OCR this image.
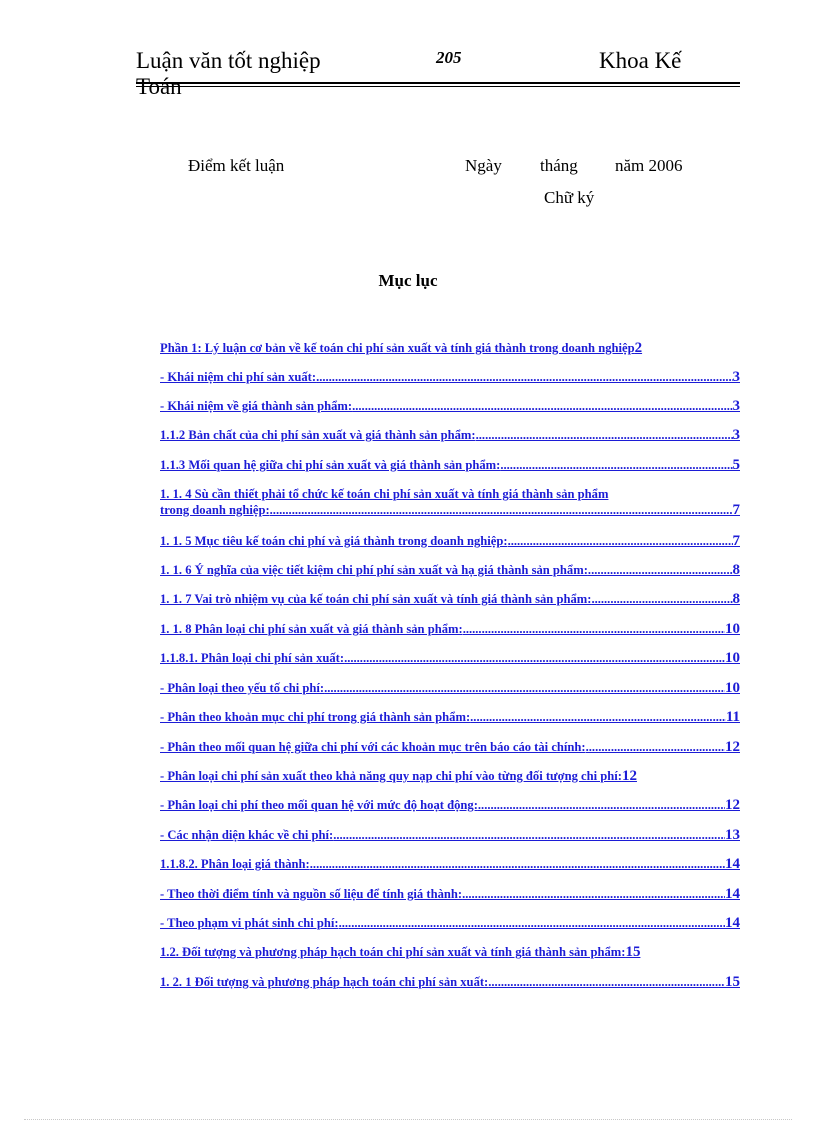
Luận văn tốt nghiệp	205	Khoa Kế
Điểm kết luận	Ngày tháng năm 2006
Chữ ký
Mục lục
Phần 1: Lý luận cơ bản về kế toán chi phí sản xuất và tính giá thành trong doanh nghiệp 2
- Khái niệm chi phí sản xuất: .....	3
- Khái niệm về giá thành sản phẩm: .....	3
1.1.2 Bản chất của chi phí sản xuất và giá thành sản phẩm: .....	3
1.1.3 Mối quan hệ giữa chi phí sản xuất và giá thành sản phẩm: .....	5
1. 1. 4 Sù cần thiết phải tổ chức kế toán chi phí sản xuất và tính giá thành sản phẩm
trong doanh nghiệp: .....	7
1. 1. 5 Mục tiêu kế toán chi phí và giá thành trong doanh nghiệp: .....	7
1. 1. 6 Ý nghĩa của việc tiết kiệm chi phí phí sản xuất và hạ giá thành sản phẩm: .....	8
1. 1. 7 Vai trò nhiệm vụ của kế toán chi phí sản xuất và tính giá thành sản phẩm: .....	8
1. 1. 8 Phân loại chi phí sản xuất và giá thành sản phẩm: .....	10
1.1.8.1. Phân loại chi phí sản xuất: .....	10
- Phân loại theo yếu tố chi phí: .....	10
- Phân theo khoản mục chi phí trong giá thành sản phẩm: .....	11
- Phân theo mối quan hệ giữa chi phí với các khoản mục trên báo cáo tài chính: .....	12
- Phân loại chi phí sản xuất theo khả năng quy nạp chi phí vào từng đối tượng chi phí: 12
- Phân loại chi phí theo mối quan hệ với mức độ hoạt động: .....	12
- Các nhận diện khác về chi phí: .....	13
1.1.8.2. Phân loại giá thành: .....	14
- Theo thời điểm tính và nguồn số liệu để tính giá thành: .....	14
- Theo phạm vi phát sinh chi phí: .....	14
1.2. Đối tượng và phương pháp hạch toán chi phí sản xuất và tính giá thành sản phẩm: 15
1. 2. 1 Đối tượng và phương pháp hạch toán chi phí sản xuất: .....	15
